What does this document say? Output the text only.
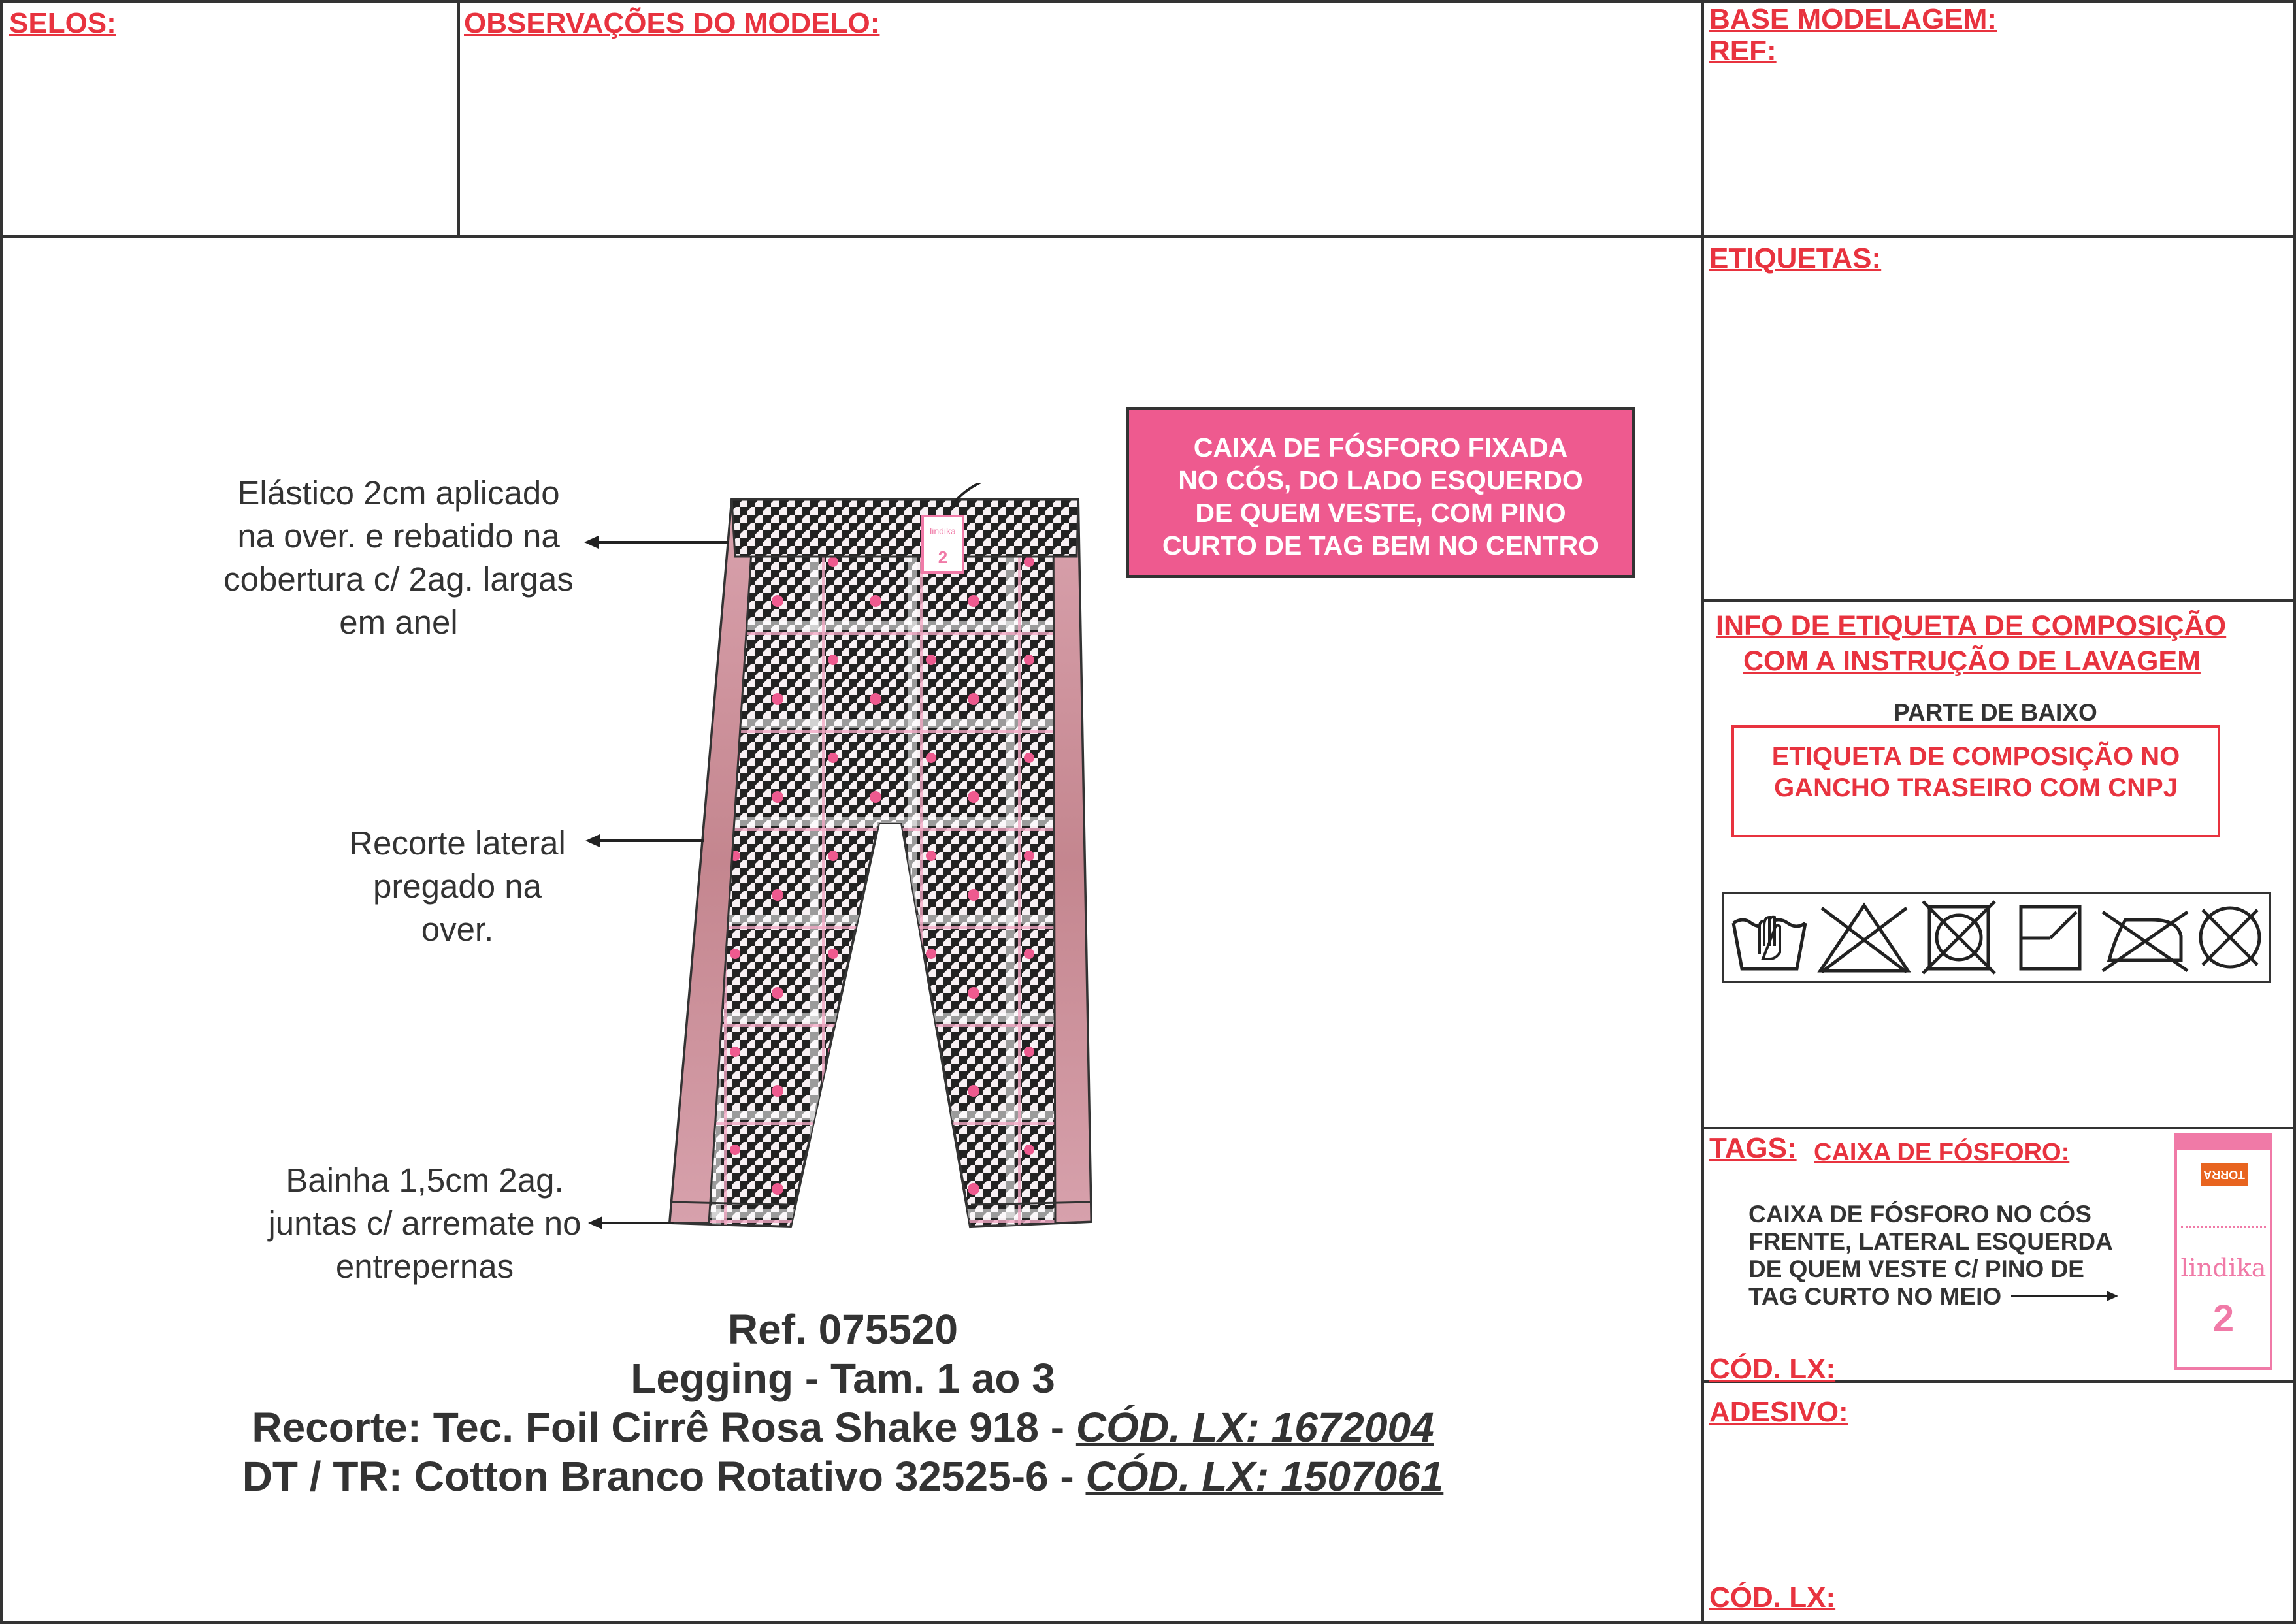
SELOS:	OBSERVAÇÕES DO MODELO:	BASE MODELAGEM:
REF:
ETIQUETAS:
INFO DE ETIQUETA DE COMPOSIÇÃO
COM A INSTRUÇÃO DE LAVAGEM
PARTE DE BAIXO
ETIQUETA DE COMPOSIÇÃO NO
GANCHO TRASEIRO COM CNPJ
TAGS: CAIXA DE FÓSFORO:
CAIXA DE FÓSFORO NO CÓS
FRENTE, LATERAL ESQUERDA
DE QUEM VESTE C/ PINO DE
TAG CURTO NO MEIO
TORRA
lindika
2
CÓD. LX:
ADESIVO:
CÓD. LX:
lindika
2
Elástico 2cm aplicado
na over. e rebatido na
cobertura c/ 2ag. largas
em anel
Recorte lateral
pregado na
over.
Bainha 1,5cm 2ag.
juntas c/ arremate no
entrepernas
CAIXA DE FÓSFORO FIXADA
NO CÓS, DO LADO ESQUERDO
DE QUEM VESTE, COM PINO
CURTO DE TAG BEM NO CENTRO
Ref. 075520
Legging - Tam. 1 ao 3
Recorte: Tec. Foil Cirrê Rosa Shake 918 - CÓD. LX: 1672004
DT / TR: Cotton Branco Rotativo 32525-6 - CÓD. LX: 1507061
